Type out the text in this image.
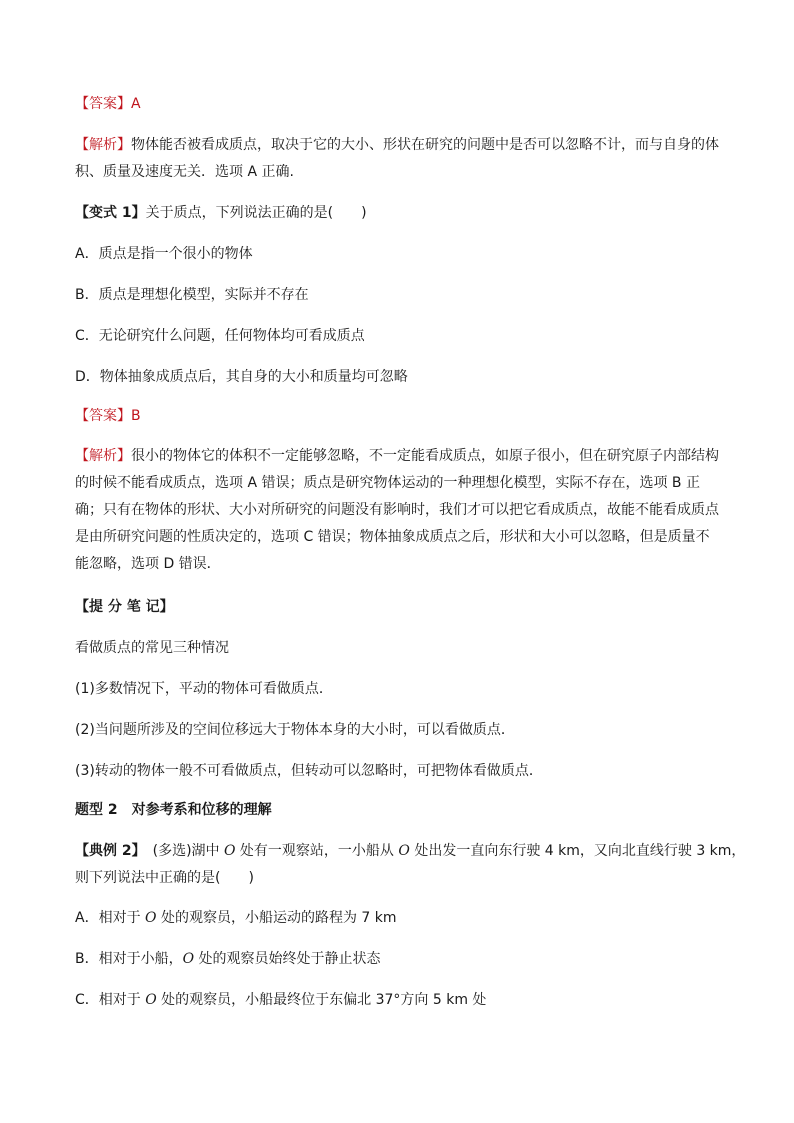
【答案】A
【解析】物体能否被看成质点，取决于它的大小、形状在研究的问题中是否可以忽略不计，而与自身的体积、质量及速度无关．选项 A 正确.
【变式 1】关于质点，下列说法正确的是(　　)
A．质点是指一个很小的物体
B．质点是理想化模型，实际并不存在
C．无论研究什么问题，任何物体均可看成质点
D．物体抽象成质点后，其自身的大小和质量均可忽略
【答案】B
【解析】很小的物体它的体积不一定能够忽略，不一定能看成质点，如原子很小，但在研究原子内部结构的时候不能看成质点，选项 A 错误；质点是研究物体运动的一种理想化模型，实际不存在，选项 B 正确；只有在物体的形状、大小对所研究的问题没有影响时，我们才可以把它看成质点，故能不能看成质点是由所研究问题的性质决定的，选项 C 错误；物体抽象成质点之后，形状和大小可以忽略，但是质量不能忽略，选项 D 错误．
【提 分 笔 记】
看做质点的常见三种情况
(1)多数情况下，平动的物体可看做质点．
(2)当问题所涉及的空间位移远大于物体本身的大小时，可以看做质点．
(3)转动的物体一般不可看做质点，但转动可以忽略时，可把物体看做质点．
题型 2　对参考系和位移的理解
【典例 2】　(多选)湖中 O 处有一观察站，一小船从 O 处出发一直向东行驶 4 km，又向北直线行驶 3 km，
则下列说法中正确的是(　　)
A．相对于 O 处的观察员，小船运动的路程为 7 km
B．相对于小船，O 处的观察员始终处于静止状态
C．相对于 O 处的观察员，小船最终位于东偏北 37°方向 5 km 处
